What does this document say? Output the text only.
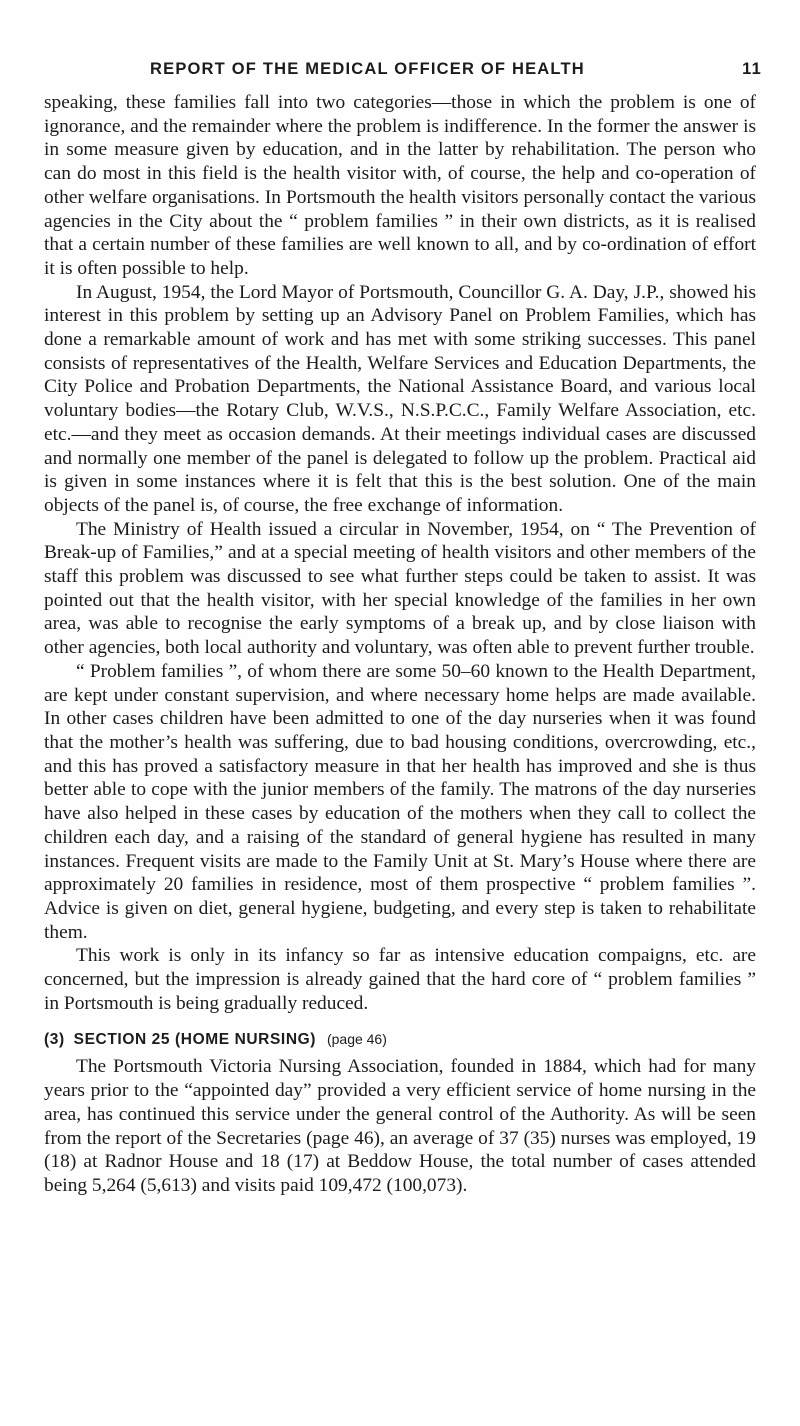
REPORT OF THE MEDICAL OFFICER OF HEALTH	11

speaking, these families fall into two categories—those in which the problem is one of ignorance, and the remainder where the problem is indifference. In the former the answer is in some measure given by education, and in the latter by rehabilitation. The person who can do most in this field is the health visitor with, of course, the help and co-operation of other welfare organisations. In Portsmouth the health visitors personally contact the various agencies in the City about the “ problem families ” in their own districts, as it is realised that a certain number of these families are well known to all, and by co-ordination of effort it is often possible to help.

In August, 1954, the Lord Mayor of Portsmouth, Councillor G. A. Day, J.P., showed his interest in this problem by setting up an Advisory Panel on Problem Families, which has done a remarkable amount of work and has met with some striking successes. This panel consists of representatives of the Health, Welfare Services and Education Departments, the City Police and Probation Departments, the National Assistance Board, and various local voluntary bodies—the Rotary Club, W.V.S., N.S.P.C.C., Family Welfare Association, etc. etc.—and they meet as occasion demands. At their meetings individual cases are discussed and normally one member of the panel is delegated to follow up the problem. Practical aid is given in some instances where it is felt that this is the best solution. One of the main objects of the panel is, of course, the free exchange of information.

The Ministry of Health issued a circular in November, 1954, on “ The Prevention of Break-up of Families,” and at a special meeting of health visitors and other members of the staff this problem was discussed to see what further steps could be taken to assist. It was pointed out that the health visitor, with her special knowledge of the families in her own area, was able to recognise the early symptoms of a break up, and by close liaison with other agencies, both local authority and voluntary, was often able to prevent further trouble.

“ Problem families ”, of whom there are some 50–60 known to the Health Department, are kept under constant supervision, and where necessary home helps are made available. In other cases children have been admitted to one of the day nurseries when it was found that the mother’s health was suffering, due to bad housing conditions, overcrowding, etc., and this has proved a satisfactory measure in that her health has improved and she is thus better able to cope with the junior members of the family. The matrons of the day nurseries have also helped in these cases by education of the mothers when they call to collect the children each day, and a raising of the standard of general hygiene has resulted in many instances. Frequent visits are made to the Family Unit at St. Mary’s House where there are approximately 20 families in residence, most of them prospective “ problem families ”. Advice is given on diet, general hygiene, budgeting, and every step is taken to rehabilitate them.

This work is only in its infancy so far as intensive education compaigns, etc. are concerned, but the impression is already gained that the hard core of “ problem families ” in Portsmouth is being gradually reduced.

(3) SECTION 25 (HOME NURSING) (page 46)

The Portsmouth Victoria Nursing Association, founded in 1884, which had for many years prior to the “appointed day” provided a very efficient service of home nursing in the area, has continued this service under the general control of the Authority. As will be seen from the report of the Secretaries (page 46), an average of 37 (35) nurses was employed, 19 (18) at Radnor House and 18 (17) at Beddow House, the total number of cases attended being 5,264 (5,613) and visits paid 109,472 (100,073).
